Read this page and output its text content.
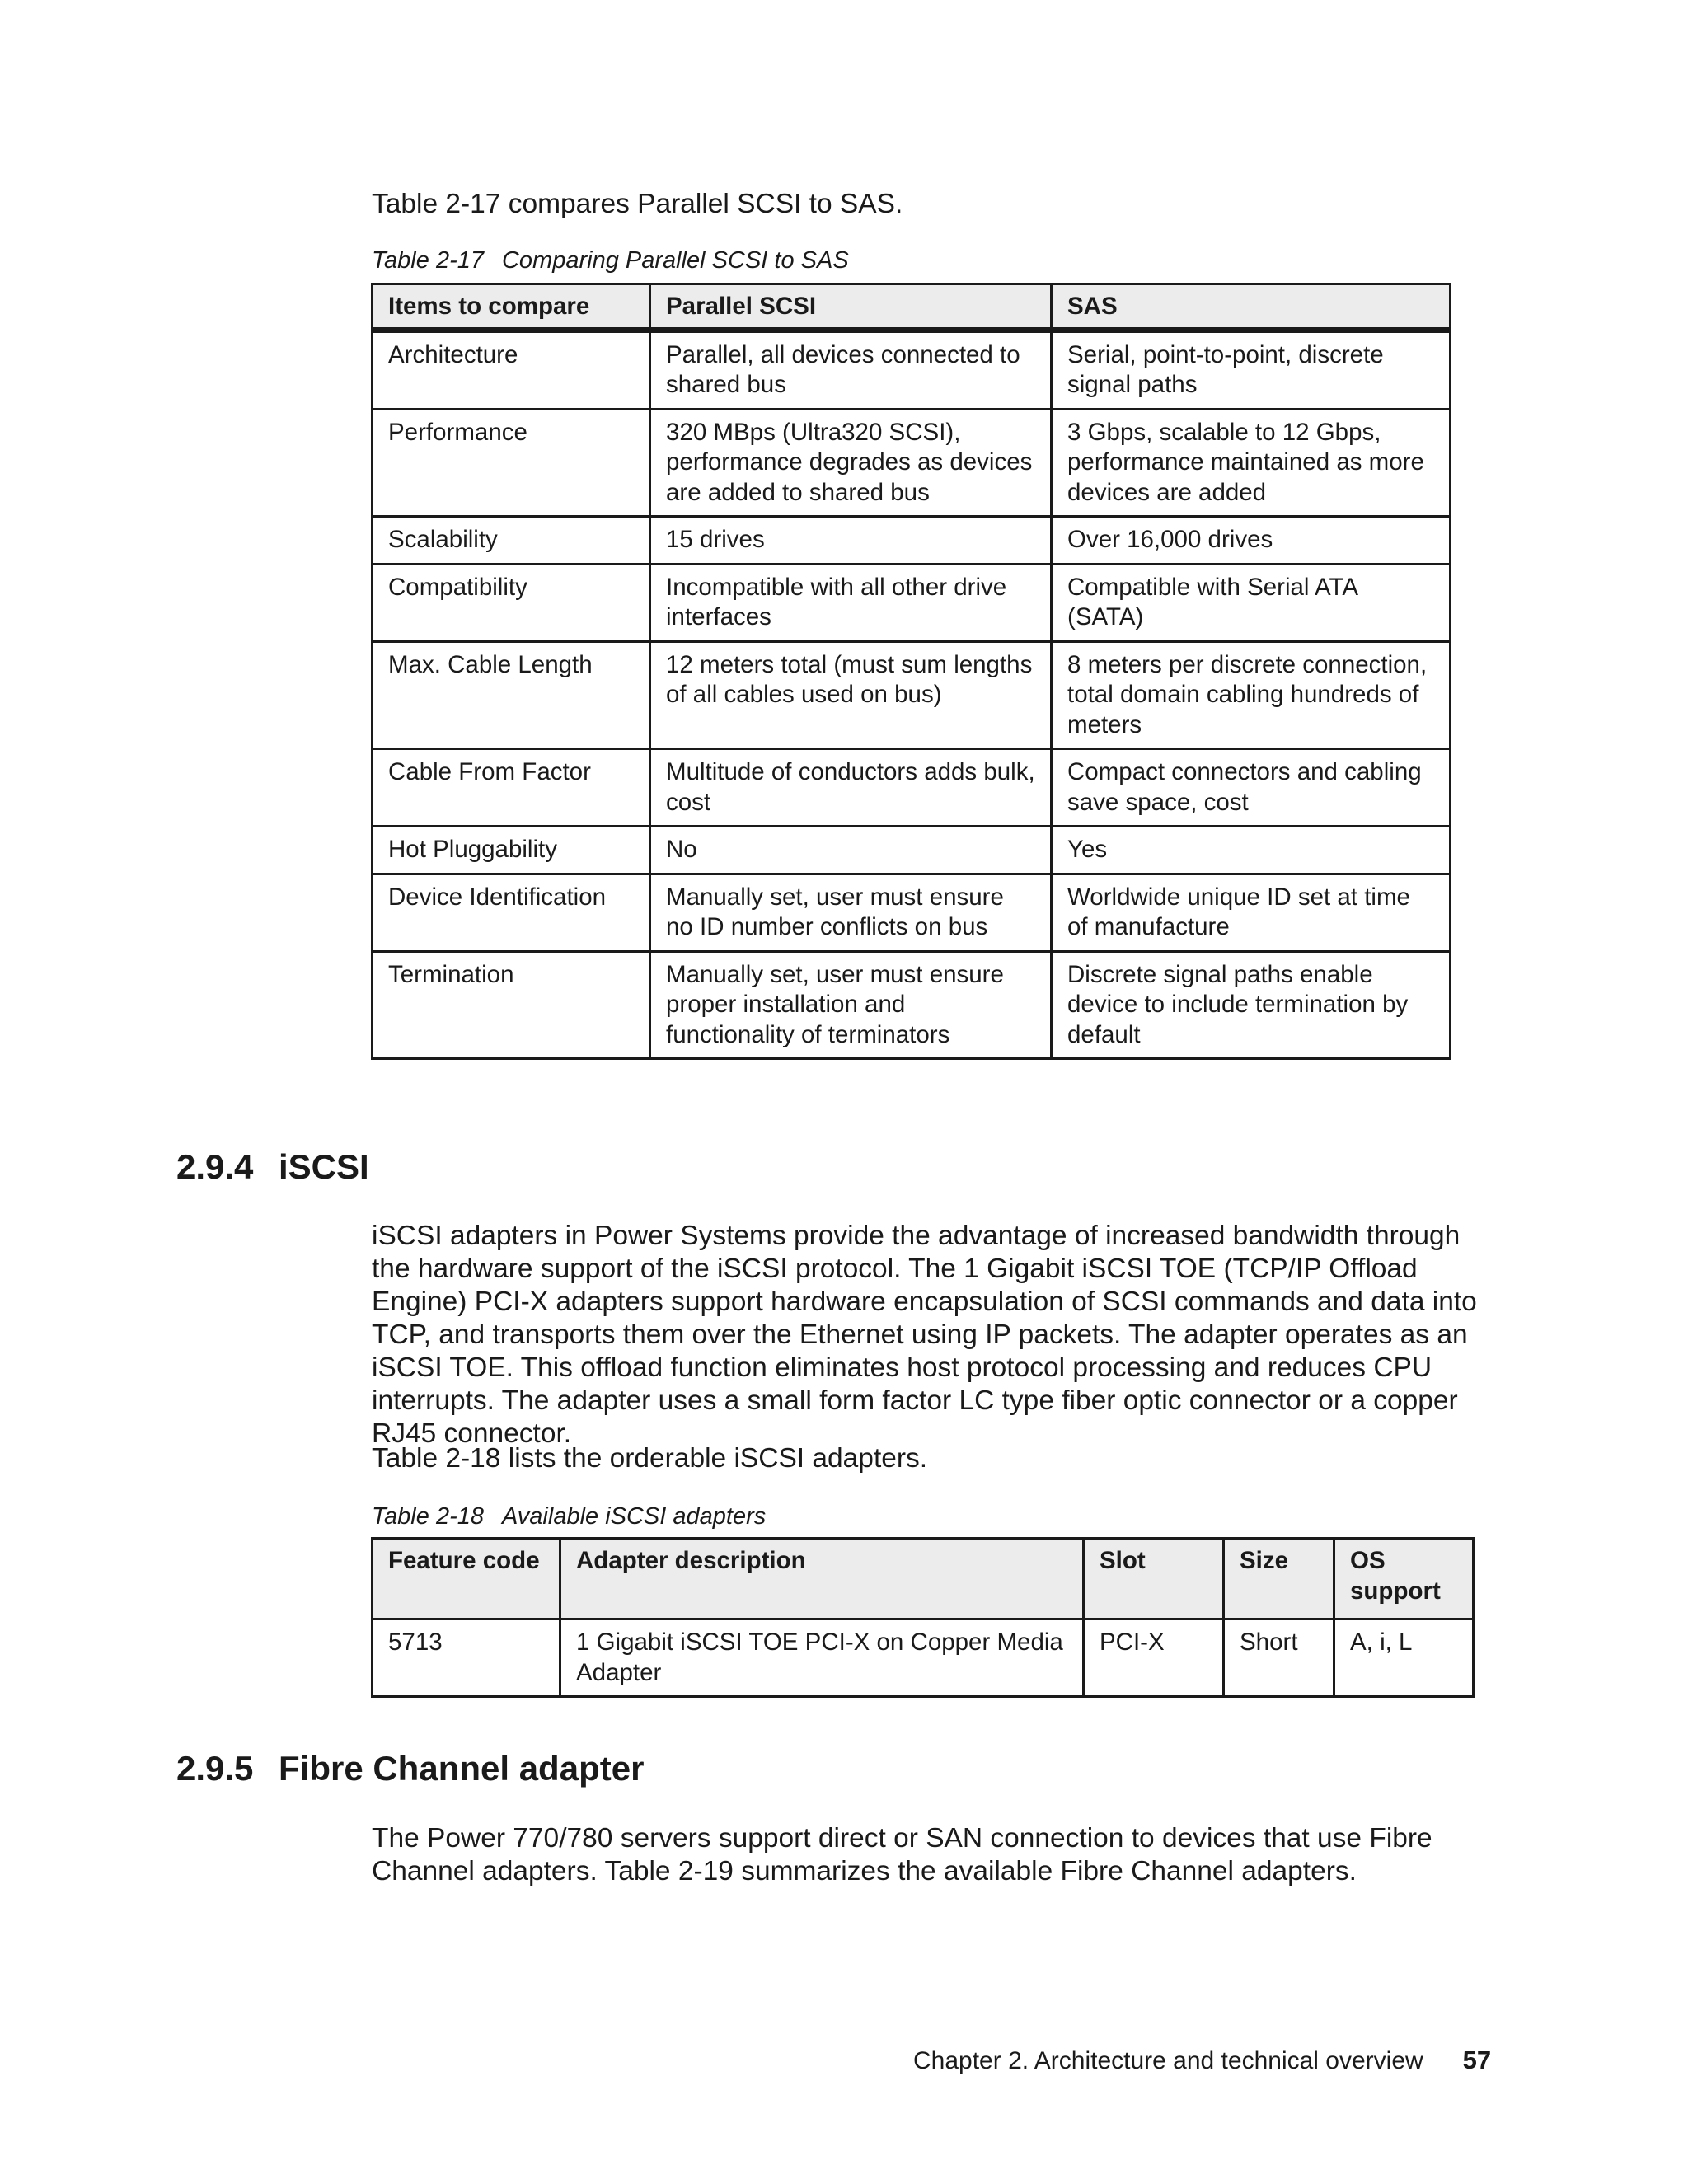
Table 2-17 compares Parallel SCSI to SAS.

Table 2-17 Comparing Parallel SCSI to SAS

Items to compare	Parallel SCSI	SAS
Architecture	Parallel, all devices connected to shared bus	Serial, point-to-point, discrete signal paths
Performance	320 MBps (Ultra320 SCSI), performance degrades as devices are added to shared bus	3 Gbps, scalable to 12 Gbps, performance maintained as more devices are added
Scalability	15 drives	Over 16,000 drives
Compatibility	Incompatible with all other drive interfaces	Compatible with Serial ATA (SATA)
Max. Cable Length	12 meters total (must sum lengths of all cables used on bus)	8 meters per discrete connection, total domain cabling hundreds of meters
Cable From Factor	Multitude of conductors adds bulk, cost	Compact connectors and cabling save space, cost
Hot Pluggability	No	Yes
Device Identification	Manually set, user must ensure no ID number conflicts on bus	Worldwide unique ID set at time of manufacture
Termination	Manually set, user must ensure proper installation and functionality of terminators	Discrete signal paths enable device to include termination by default
2.9.4 iSCSI

iSCSI adapters in Power Systems provide the advantage of increased bandwidth through the hardware support of the iSCSI protocol. The 1 Gigabit iSCSI TOE (TCP/IP Offload Engine) PCI-X adapters support hardware encapsulation of SCSI commands and data into TCP, and transports them over the Ethernet using IP packets. The adapter operates as an iSCSI TOE. This offload function eliminates host protocol processing and reduces CPU interrupts. The adapter uses a small form factor LC type fiber optic connector or a copper RJ45 connector.

Table 2-18 lists the orderable iSCSI adapters.

Table 2-18 Available iSCSI adapters

Feature code	Adapter description	Slot	Size	OS support
5713	1 Gigabit iSCSI TOE PCI-X on Copper Media Adapter	PCI-X	Short	A, i, L
2.9.5 Fibre Channel adapter

The Power 770/780 servers support direct or SAN connection to devices that use Fibre Channel adapters. Table 2-19 summarizes the available Fibre Channel adapters.

Chapter 2. Architecture and technical overview 57
